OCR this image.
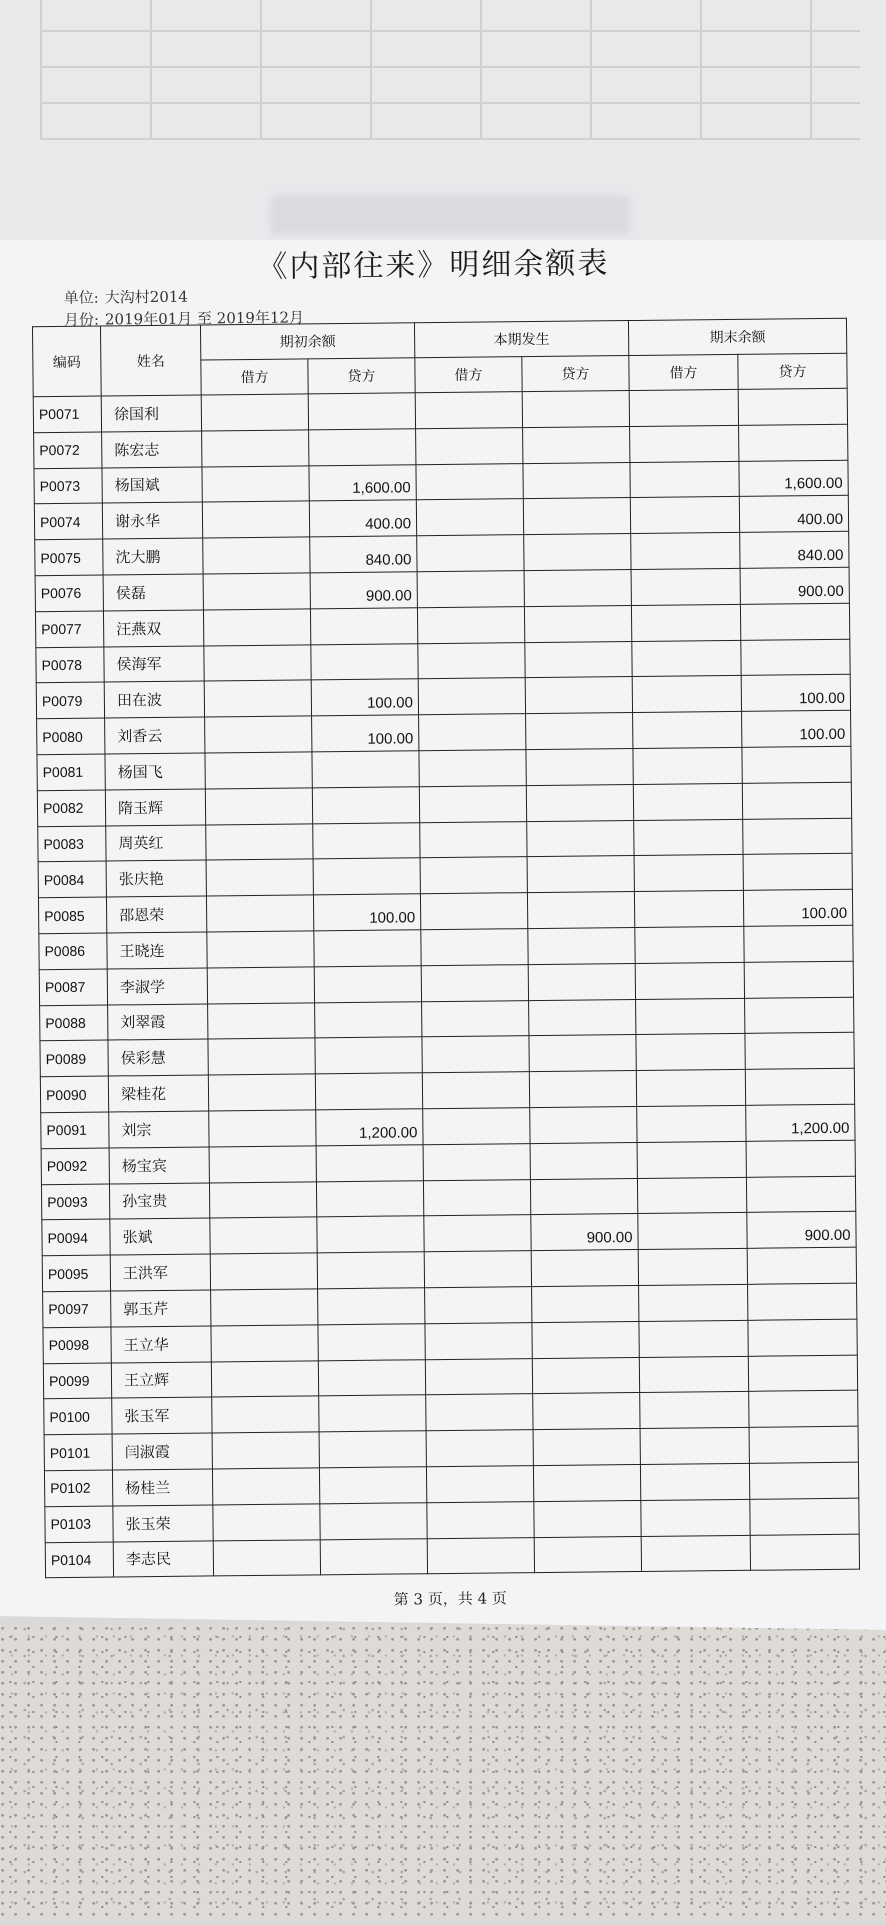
《内部往来》明细余额表
单位: 大沟村2014
月份: 2019年01月 至 2019年12月
编码	姓名	期初余额		本期发生		期末余额	
		借方	贷方	借方	贷方	借方	贷方
P0071	徐国利						
P0072	陈宏志						
P0073	杨国斌		1,600.00				1,600.00
P0074	谢永华		400.00				400.00
P0075	沈大鹏		840.00				840.00
P0076	侯磊		900.00				900.00
P0077	汪燕双						
P0078	侯海军						
P0079	田在波		100.00				100.00
P0080	刘香云		100.00				100.00
P0081	杨国飞						
P0082	隋玉辉						
P0083	周英红						
P0084	张庆艳						
P0085	邵恩荣		100.00				100.00
P0086	王晓连						
P0087	李淑学						
P0088	刘翠霞						
P0089	侯彩慧						
P0090	梁桂花						
P0091	刘宗		1,200.00				1,200.00
P0092	杨宝宾						
P0093	孙宝贵						
P0094	张斌				900.00		900.00
P0095	王洪军						
P0097	郭玉芹						
P0098	王立华						
P0099	王立辉						
P0100	张玉军						
P0101	闫淑霞						
P0102	杨桂兰						
P0103	张玉荣						
P0104	李志民						
第 3 页，共 4 页
